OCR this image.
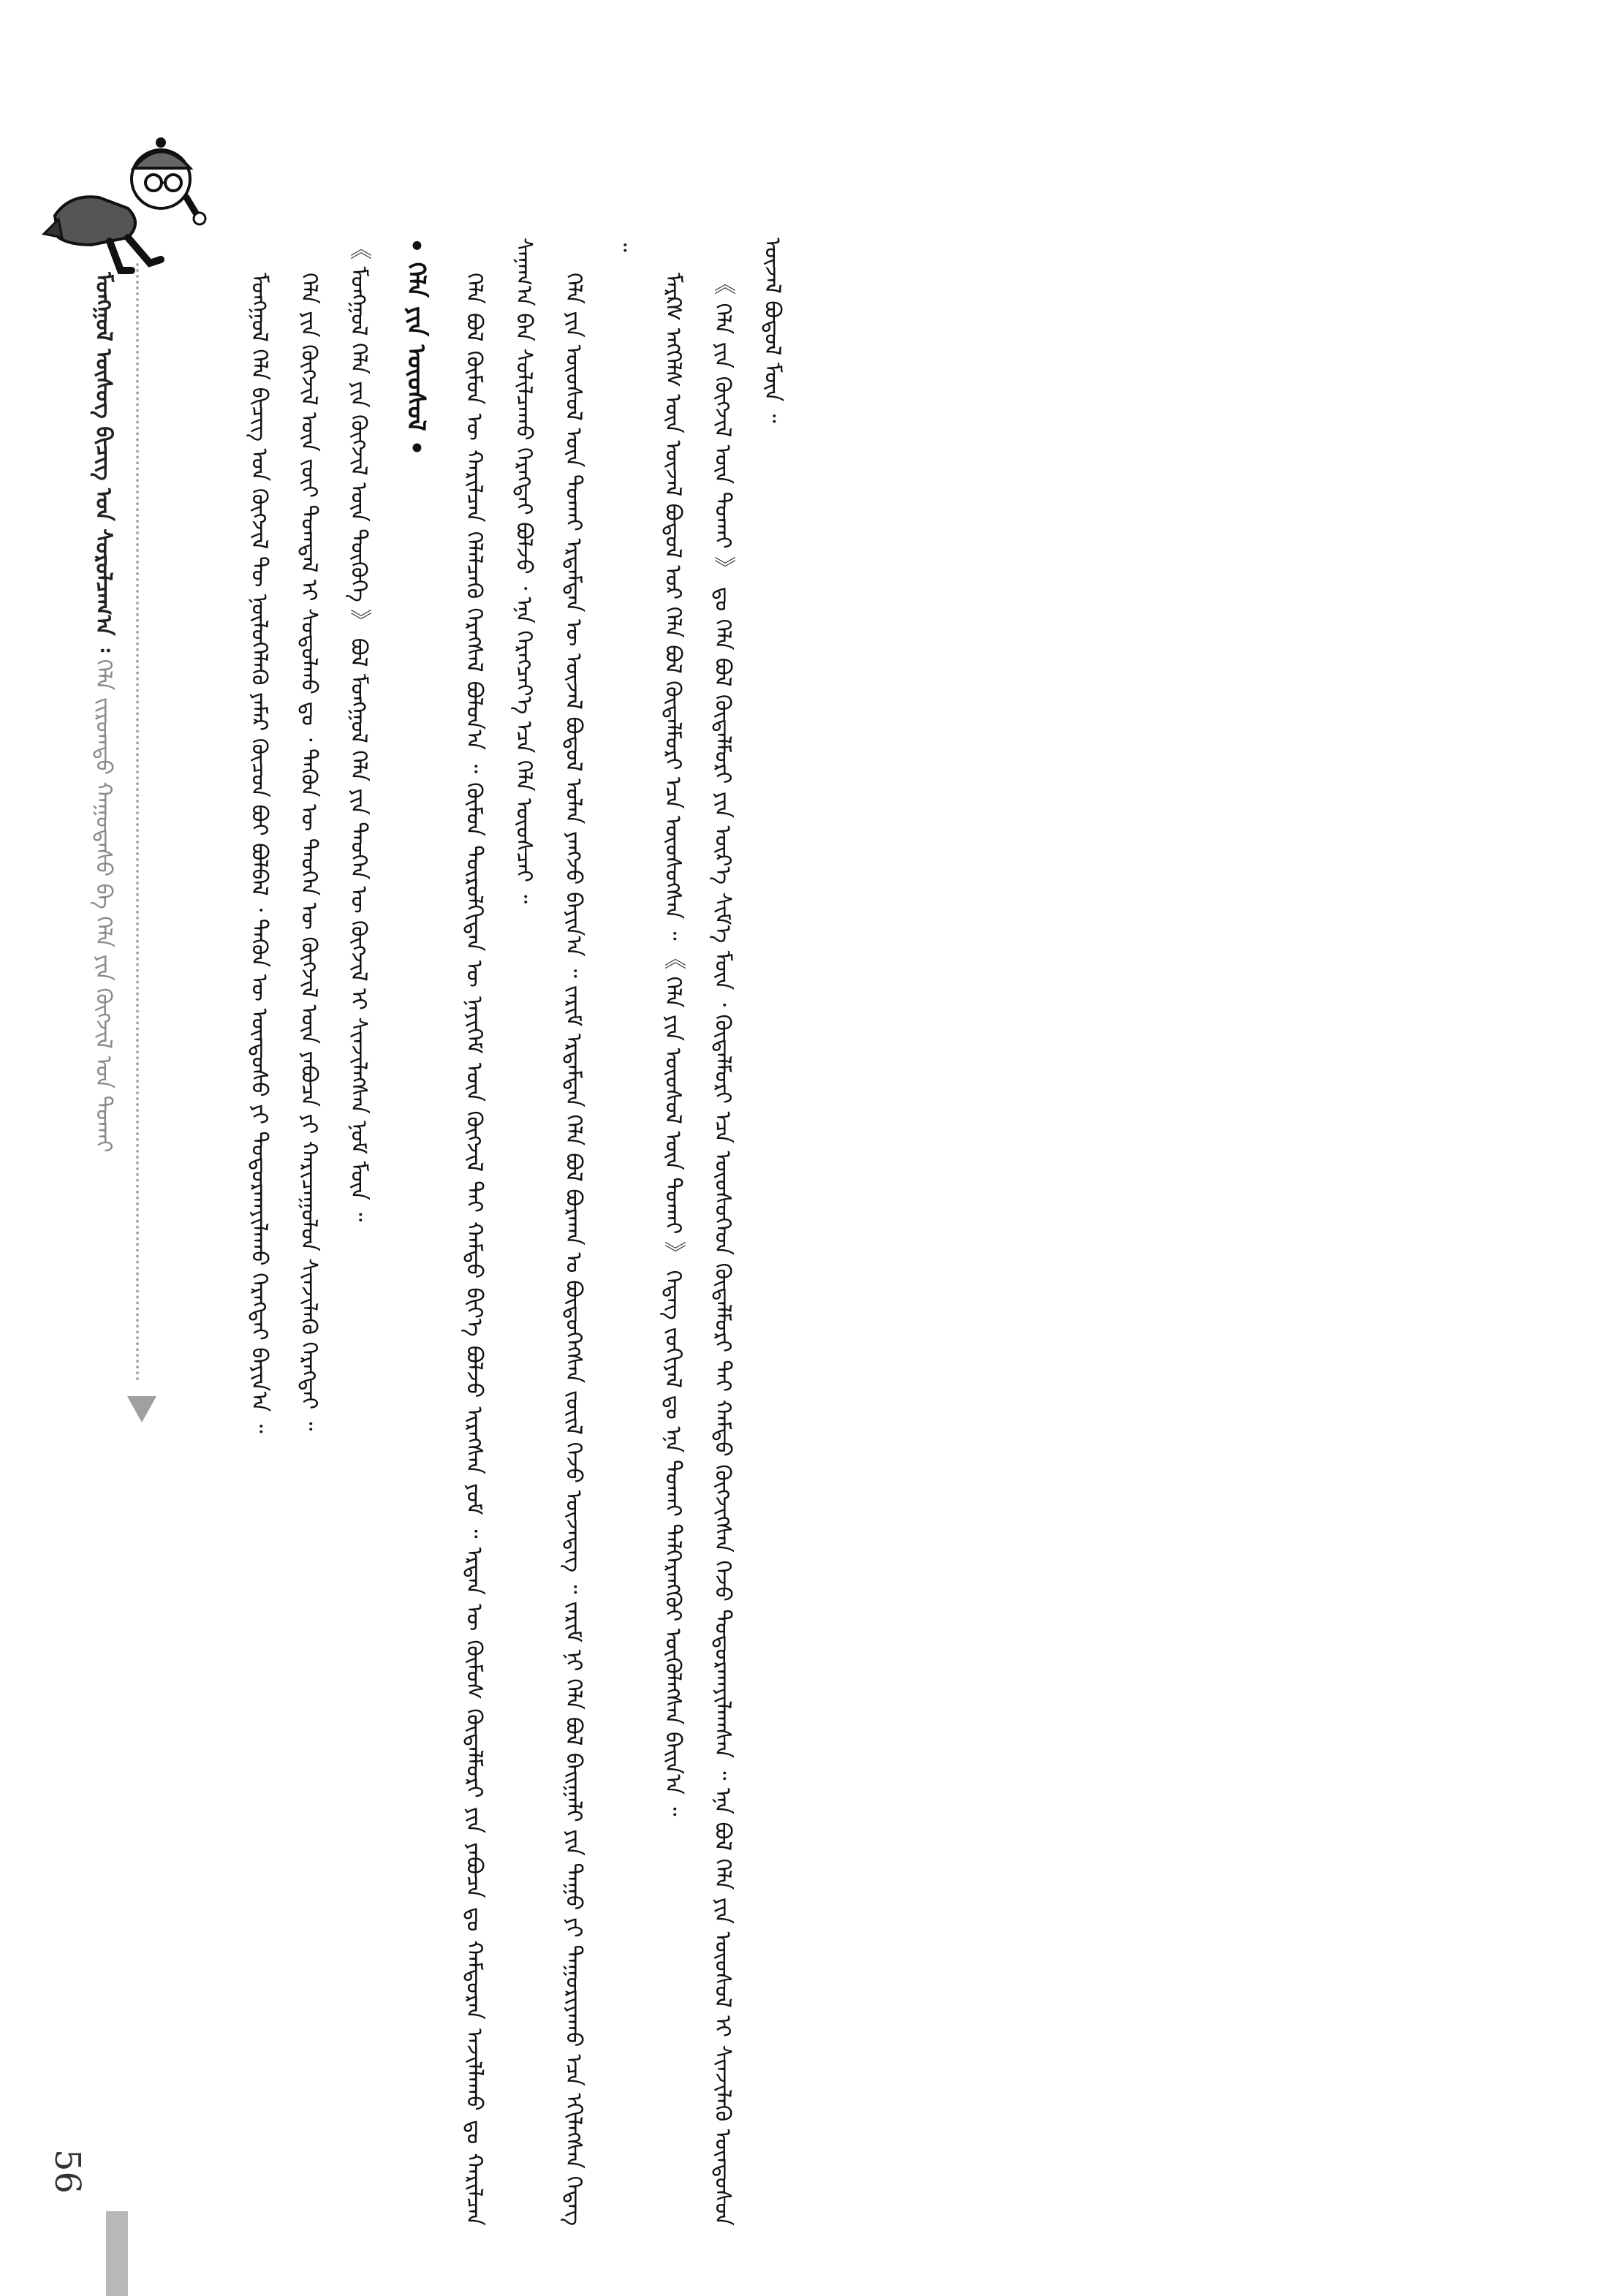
ᠮᠣᠩᠭᠣᠯ ᠦᠰᠦᠭ ᠪᠢᠴᠢᠭ ᠤᠨ ᠰᠤᠷᠤᠯᠴᠠᠭ᠎ᠠ ᠄ ᠬᠡᠯᠡ ᠵᠢᠷᠤᠭᠲᠤ ᠬᠠᠭᠤᠳᠠᠰᠤ ᠪᠠ ᠬᠡᠯᠡ ᠶᠢᠨ ᠬᠥᠭᠵᠢᠯ ᠤᠨ ᠲᠤᠬᠠᠢ
56

ᠮᠣᠩᠭᠣᠯ ᠬᠡᠯᠡ ᠪᠢᠴᠢᠭ ᠤᠨ ᠬᠥᠭᠵᠢᠯ ᠲᠦ ᠨᠥᠯᠦᠭᠡᠯᠡᠬᠦ ᠶᠠᠮᠠᠷ ᠬᠦᠴᠦᠨ ᠪᠤᠢ ᠪᠤᠯᠪᠠᠯ ᠂ ᠲᠡᠭᠦᠨ ᠦ ᠦᠨᠳᠦᠰᠦ ᠶᠢ ᠲᠣᠳᠣᠷᠬᠠᠶᠢᠯᠠᠬᠤ ᠬᠡᠷᠡᠭᠲᠡᠢ ᠪᠠᠶᠢᠨ᠎ᠠ ᠃	ᠬᠡᠯᠡ ᠶᠢᠨ ᠬᠥᠭᠵᠢᠯ ᠦᠨ ᠵᠦᠢ ᠲᠣᠭᠲᠠᠯ ᠢ ᠰᠣᠳᠤᠯᠬᠤ ᠳᠤ ᠂ ᠲᠡᠭᠦᠨ ᠦ ᠲᠡᠦᠬᠡᠨ ᠦ ᠬᠥᠭᠵᠢᠯ ᠦᠨ ᠶᠠᠪᠤᠴᠠ ᠶᠢ ᠬᠠᠷᠢᠴᠠᠭᠤᠯᠤᠨ ᠰᠢᠨᠵᠢᠯᠡᠬᠦ ᠬᠡᠷᠡᠭᠲᠡᠢ ᠃	《 ᠮᠣᠩᠭᠣᠯ ᠬᠡᠯᠡ ᠶᠢᠨ ᠬᠥᠭᠵᠢᠯ ᠦᠨ ᠲᠦᠭᠦᠬᠡ 》 ᠪᠣᠯ ᠮᠣᠩᠭᠣᠯ ᠬᠡᠯᠡ ᠶᠢᠨ ᠲᠡᠦᠬᠡᠨ ᠦ ᠬᠥᠭᠵᠢᠯ ᠢ ᠰᠢᠨᠵᠢᠯᠡᠭᠰᠡᠨ ᠨᠣᠮ ᠮᠥᠨ ᠃	• ᠬᠡᠯᠡ ᠶᠢᠨ ᠦᠦᠰᠦᠯ •	ᠬᠡᠯᠡ ᠪᠣᠯ ᠬᠦᠮᠦᠨ ᠦ ᠬᠠᠷᠢᠯᠴᠠᠨ ᠬᠡᠯᠡᠯᠴᠡᠬᠦ ᠬᠡᠷᠡᠭᠰᠡᠯ ᠪᠣᠯᠤᠨ᠎ᠠ ᠃ ᠬᠦᠮᠦᠨ ᠲᠥᠷᠦᠯᠬᠢᠲᠡᠨ ᠦ ᠨᠡᠶᠢᠭᠡᠮ ᠦᠨ ᠬᠥᠭᠵᠢᠯ ᠲᠡᠢ ᠬᠠᠮᠲᠤ ᠪᠢᠶ᠎ᠡ ᠪᠣᠯᠵᠤ ᠢᠷᠡᠭᠰᠡᠨ ᠶᠤᠮ ᠃ ᠡᠷᠲᠡᠨ ᠦ ᠬᠦᠮᠦᠰ ᠬᠥᠳᠡᠯᠮᠦᠷᠢ ᠶᠢᠨ ᠶᠠᠪᠤᠴᠠ ᠳᠤ ᠬᠠᠮᠲᠤᠷᠠᠨ ᠠᠵᠢᠯᠯᠠᠬᠤ ᠳᠤ ᠬᠠᠷᠢᠯᠴᠠᠨ ᠰᠠᠨᠠᠭ᠎ᠠ ᠪᠠᠨ ᠰᠣᠯᠢᠯᠴᠠᠬᠤ ᠬᠡᠷᠡᠭᠲᠡᠢ ᠪᠣᠯᠵᠤ ᠂ ᠡᠨᠡ ᠬᠡᠷᠡᠭᠴᠡᠶ᠎ᠡ ᠡᠴᠡ ᠬᠡᠯᠡ ᠦᠦᠰᠴᠡᠢ ᠃	ᠬᠡᠯᠡ ᠶᠢᠨ ᠦᠦᠰᠦᠯ ᠦᠨ ᠲᠤᠬᠠᠢ ᠡᠷᠳᠡᠮᠲᠡᠨ ᠦ ᠦᠵᠡᠯ ᠪᠣᠳᠤᠯ ᠣᠯᠠᠨ ᠶᠠᠩᠵᠤ ᠪᠠᠶᠢᠨ᠎ᠠ ᠃ ᠵᠠᠷᠢᠮ ᠡᠷᠳᠡᠮᠲᠡᠨ ᠬᠡᠯᠡ ᠪᠣᠯ ᠪᠤᠷᠬᠠᠨ ᠤ ᠪᠦᠲᠦᠭᠡᠭᠰᠡᠨ ᠵᠦᠢᠯ ᠭᠡᠵᠦ ᠦᠵᠡᠳᠡᠭ ᠃ ᠵᠠᠷᠢᠮ ᠨᠢ ᠬᠡᠯᠡ ᠪᠣᠯ ᠪᠠᠢᠭᠠᠯᠢ ᠶᠢᠨ ᠳᠠᠭᠤ ᠶᠢ ᠳᠠᠭᠤᠷᠢᠶᠠᠬᠤ ᠡᠴᠡ ᠡᠬᠢᠯᠡᠭᠰᠡᠨ ᠭᠡᠳᠡᠭ ᠃

ᠮᠠᠷᠺᠰ ᠡᠩᠭᠡᠯᠰ ᠦᠨ ᠦᠵᠡᠯ ᠪᠣᠳᠤᠯ ᠣᠷ ᠬᠡᠯᠡ ᠪᠣᠯ ᠬᠥᠳᠡᠯᠮᠦᠷᠢ ᠡᠴᠡ ᠦᠦᠰᠦᠭᠰᠡᠨ ᠃ 《 ᠬᠡᠯᠡ ᠶᠢᠨ ᠦᠦᠰᠦᠯ ᠦᠨ ᠲᠤᠬᠠᠢ 》 ᠭᠡᠳᠡᠭ ᠵᠣᠬᠢᠶᠠᠯ ᠳᠤ ᠡᠨᠡ ᠲᠤᠬᠠᠢ ᠳᠡᠯᠭᠡᠷᠡᠩᠭᠦᠢ ᠥᠭᠦᠯᠡᠭᠰᠡᠨ ᠪᠠᠢᠨ᠎ᠠ ᠃	《 ᠬᠡᠯᠡ ᠶᠢᠨ ᠬᠥᠭᠵᠢᠯ ᠦᠨ ᠲᠤᠬᠠᠢ 》 ᠳᠤ ᠬᠡᠯᠡ ᠪᠣᠯ ᠬᠥᠳᠡᠯᠮᠦᠷᠢ ᠶᠢᠨ ᠦᠷ᠎ᠡ ᠰᠢᠮ᠎ᠡ ᠮᠥᠨ ᠂ ᠬᠥᠳᠡᠯᠮᠦᠷᠢ ᠡᠴᠡ ᠦᠦᠰᠦᠭᠡᠳ ᠬᠥᠳᠡᠯᠮᠦᠷᠢ ᠲᠡᠢ ᠬᠠᠮᠲᠤ ᠬᠥᠭᠵᠢᠭᠰᠡᠨ ᠭᠡᠵᠦ ᠲᠣᠳᠣᠷᠬᠠᠶᠢᠯᠠᠭᠰᠠᠨ ᠃ ᠡᠨᠡ ᠪᠣᠯ ᠬᠡᠯᠡ ᠶᠢᠨ ᠦᠦᠰᠦᠯ ᠢ ᠰᠢᠨᠵᠢᠯᠡᠬᠦ ᠦᠨᠳᠦᠰᠦᠨ ᠦᠵᠡᠯ ᠪᠣᠳᠤᠯ ᠮᠥᠨ ᠃
